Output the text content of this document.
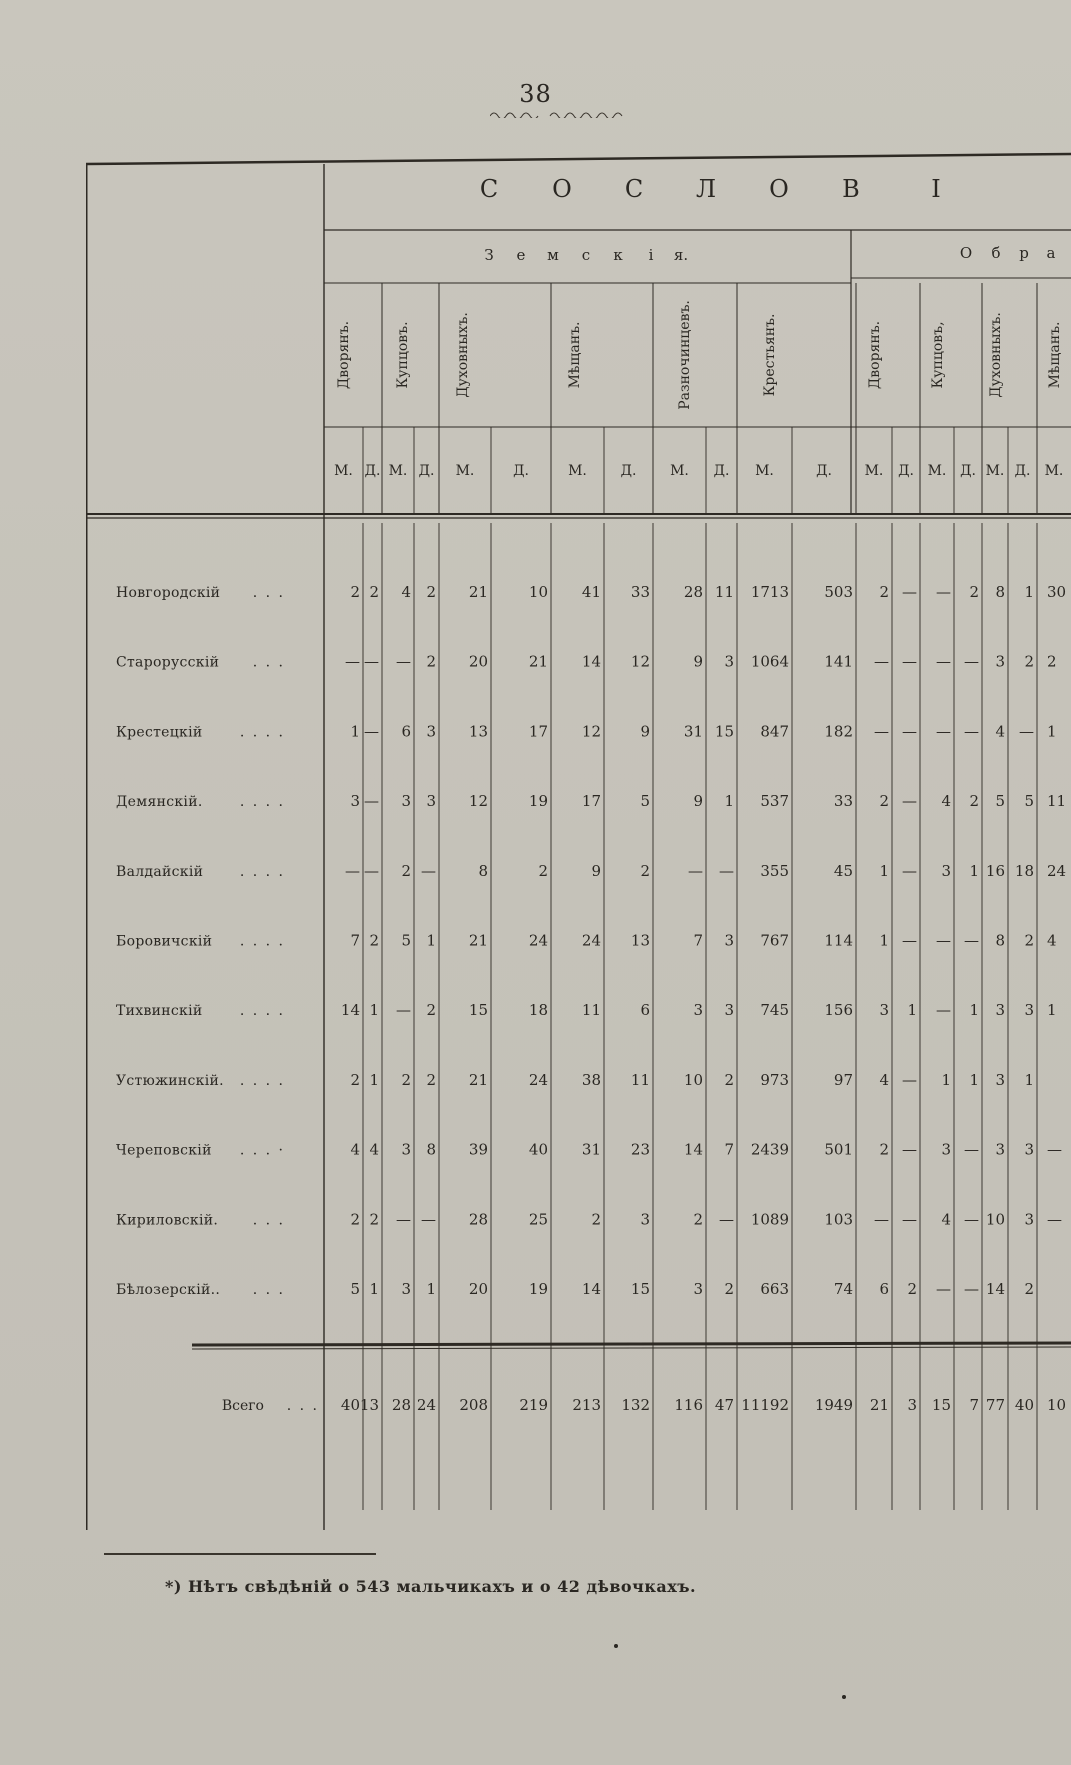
38
С О С Л О В	І
З е м с к і я.	О б р а
Дворянъ.	Купцовъ.	Духовныхъ.	Мѣщанъ.	Разночинцевъ.	Крестьянъ.	Дворянъ.	Купцовъ,	Духовныхъ.	Мѣщанъ.
М. Д. М. Д. М.	Д.	М. Д. М. Д. М.	Д. М. Д. М. Д. М. Д. М.
Новгородскій . . .	2 2 4 2 21	10 41 33 28 11 1713 503 2 — — 2 8 1 30
Старорусскій . . .	— — — 2 20	21 14 12	9 3 1064 141 — — — — 3 2 2
Крестецкій	. . . .	1 — 6 3 13	17 12	9 31 15 847 182 — — — — 4 — 1
Демянскій.	. . . .	3 — 3 3 12	19 17	5	9 1 537	33 2 — 4 2 5 5 11
Валдайскій	. . . .	— — 2 —	8	2	9	2	— — 355	45 1 — 3 1 16 18 24
Боровичскій . . . .	7 2 5 1 21	24 24 13	7 3 767 114 1 — — — 8 2 4
Тихвинскій	. . . .	14 1 — 2 15	18 11	6	3 3 745 156 3 1 — 1 3 3 1
Устюжинскій. . . . .	2 1 2 2 21	24 38 11 10 2 973	97 4 — 1 1 3 1
Череповскій . . . ·	4 4 3 8 39	40 31 23 14 7 2439 501 2 — 3 — 3 3 —
Кириловскій. . . .	2 2 — — 28	25	2	3	2 — 1089 103 — — 4 — 10 3 —
Бѣлозерскій.. . . .	5 1 3 1 20	19 14 15	3 2 663	74 6 2 — — 14 2
Всего . . . 40 13 28 24 208 219 213 132 116 47 11192 1949 21 3 15 7 77 40 10
*) Нѣтъ свѣдѣній о 543 мальчикахъ и о 42 дѣвочкахъ.
